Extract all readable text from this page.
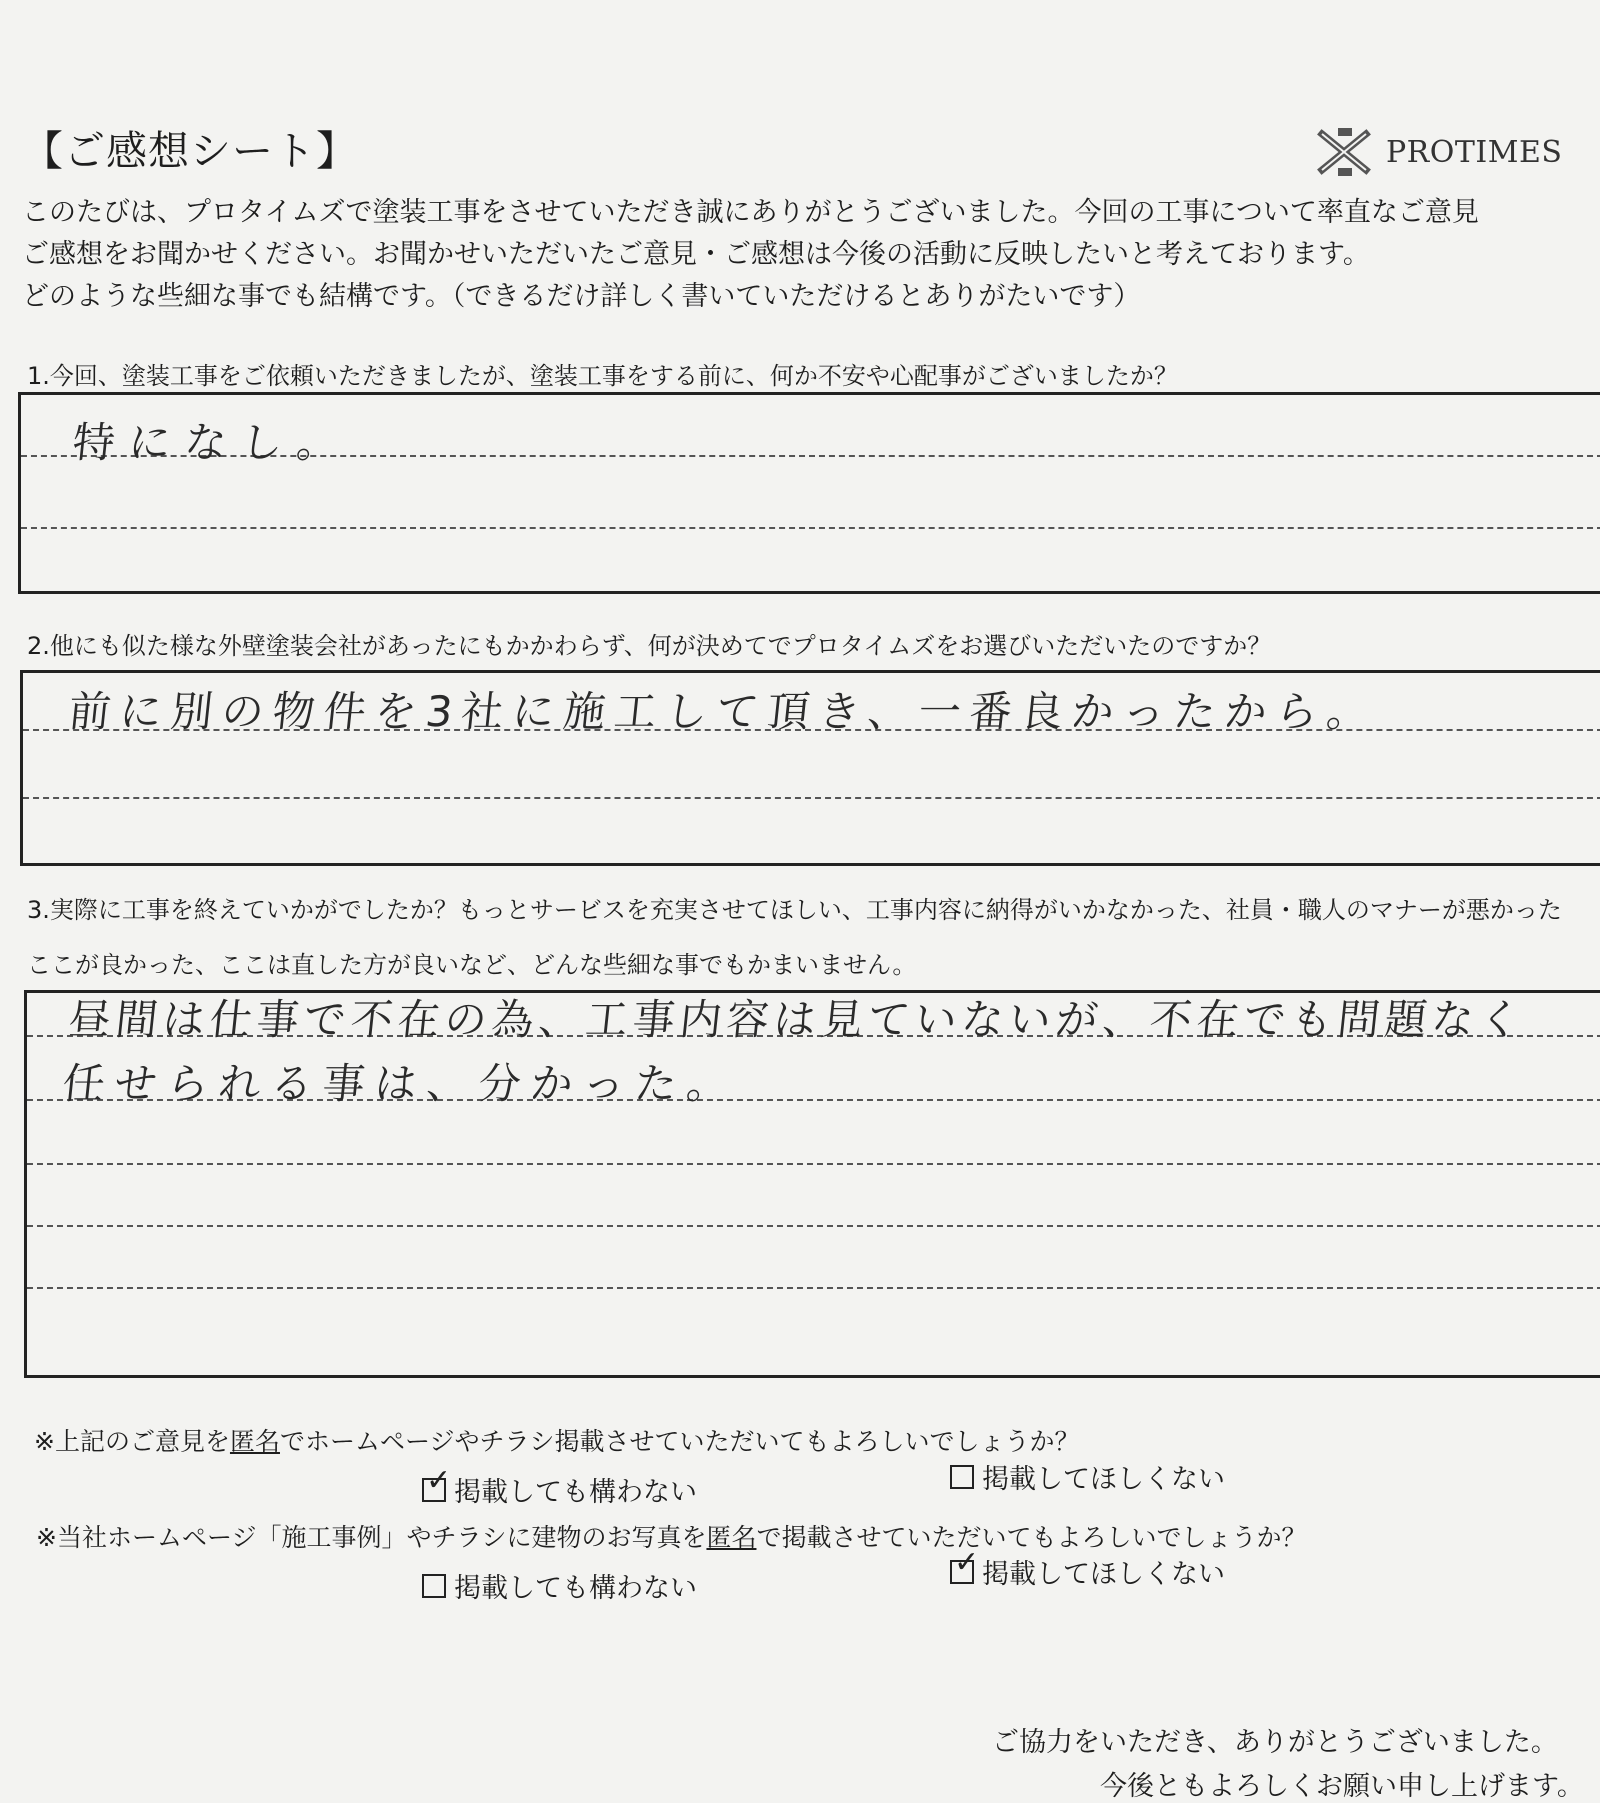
【ご感想シート】	PROTIMES
このたびは、プロタイムズで塗装工事をさせていただき誠にありがとうございました。今回の工事について率直なご意見
ご感想をお聞かせください。お聞かせいただいたご意見・ご感想は今後の活動に反映したいと考えております。
どのような些細な事でも結構です。（できるだけ詳しく書いていただけるとありがたいです）
1.今回、塗装工事をご依頼いただきましたが、塗装工事をする前に、何か不安や心配事がございましたか？
特になし。
2.他にも似た様な外壁塗装会社があったにもかかわらず、何が決めてでプロタイムズをお選びいただいたのですか？
前に別の物件を3社に施工して頂き、一番良かったから。
3.実際に工事を終えていかがでしたか？もっとサービスを充実させてほしい、工事内容に納得がいかなかった、社員・職人のマナーが悪かった
ここが良かった、ここは直した方が良いなど、どんな些細な事でもかまいません。
昼間は仕事で不在の為、工事内容は見ていないが、不在でも問題なく
任せられる事は、分かった。
※上記のご意見を匿名でホームページやチラシ掲載させていただいてもよろしいでしょうか？
✓ 掲載しても構わない	掲載してほしくない
※当社ホームページ「施工事例」やチラシに建物のお写真を匿名で掲載させていただいてもよろしいでしょうか？
掲載しても構わない
✓ 掲載してほしくない
ご協力をいただき、ありがとうございました。
今後ともよろしくお願い申し上げます。
